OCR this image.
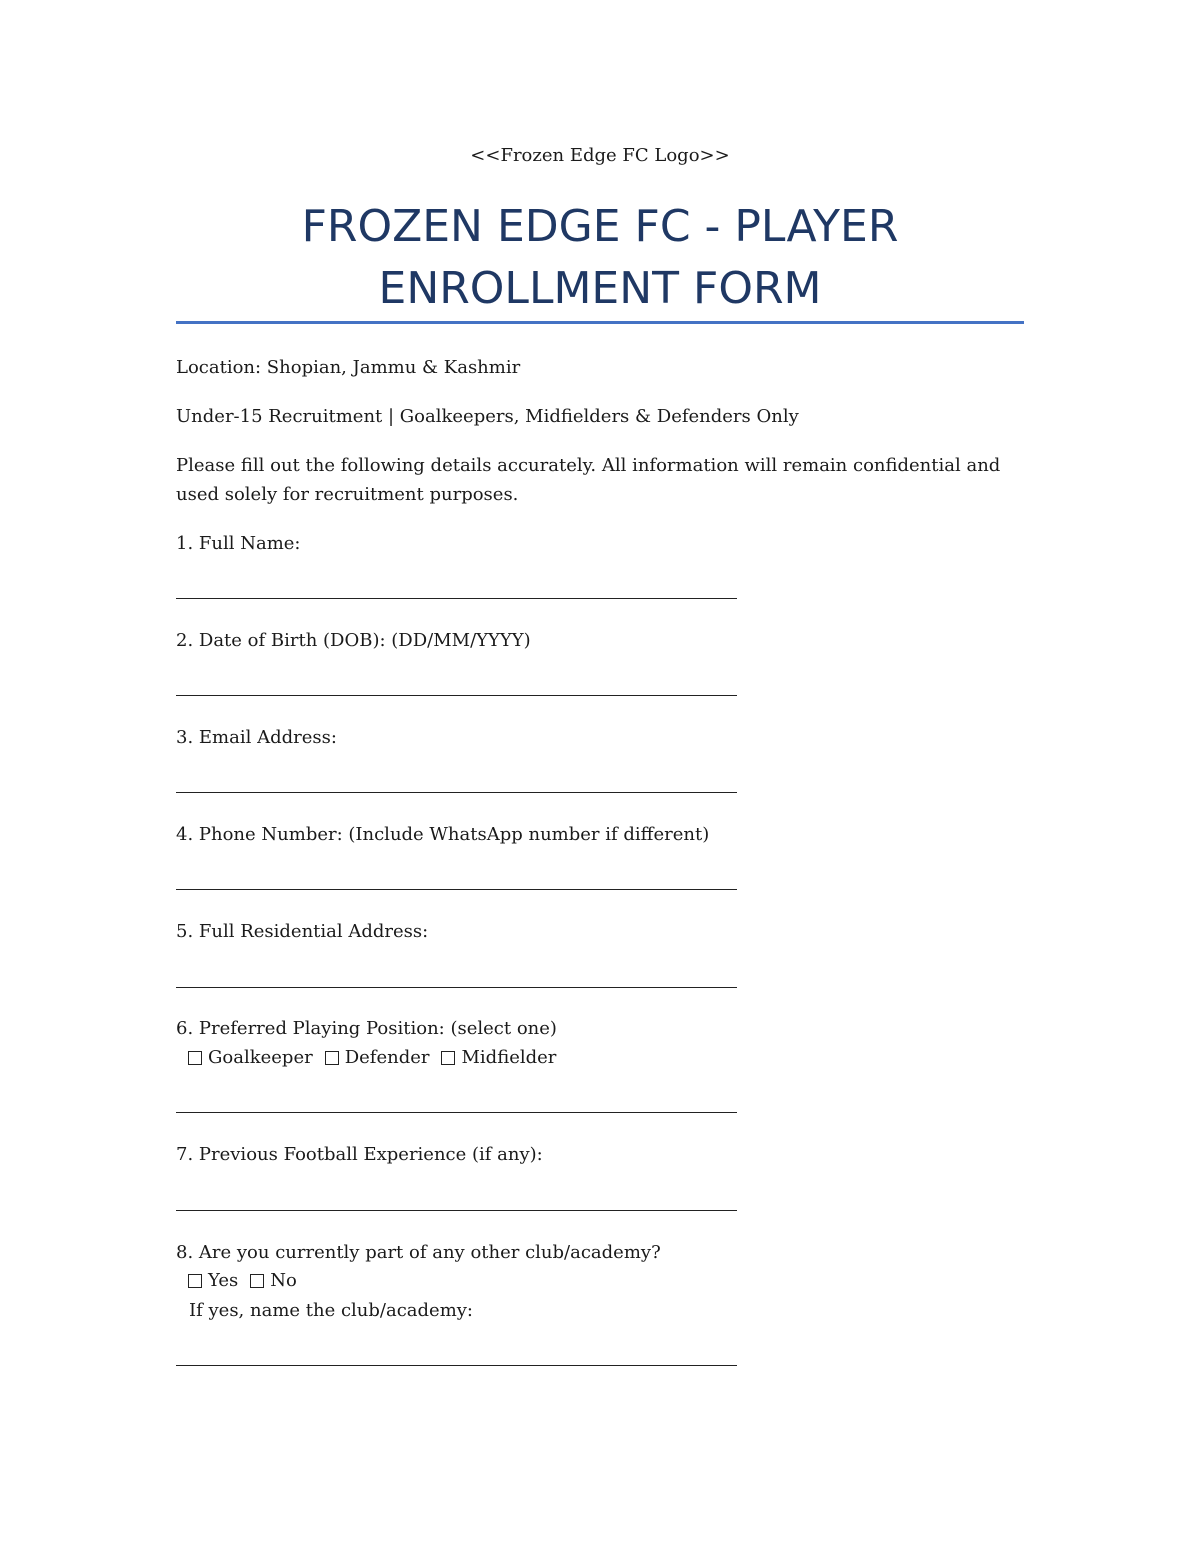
<<Frozen Edge FC Logo>>
FROZEN EDGE FC - PLAYER
ENROLLMENT FORM
Location: Shopian, Jammu & Kashmir
Under-15 Recruitment | Goalkeepers, Midfielders & Defenders Only
Please fill out the following details accurately. All information will remain confidential and used solely for recruitment purposes.
1. Full Name:
2. Date of Birth (DOB): (DD/MM/YYYY)
3. Email Address:
4. Phone Number: (Include WhatsApp number if different)
5. Full Residential Address:
6. Preferred Playing Position: (select one)
Goalkeeper Defender Midfielder
7. Previous Football Experience (if any):
8. Are you currently part of any other club/academy?
Yes No
If yes, name the club/academy:
